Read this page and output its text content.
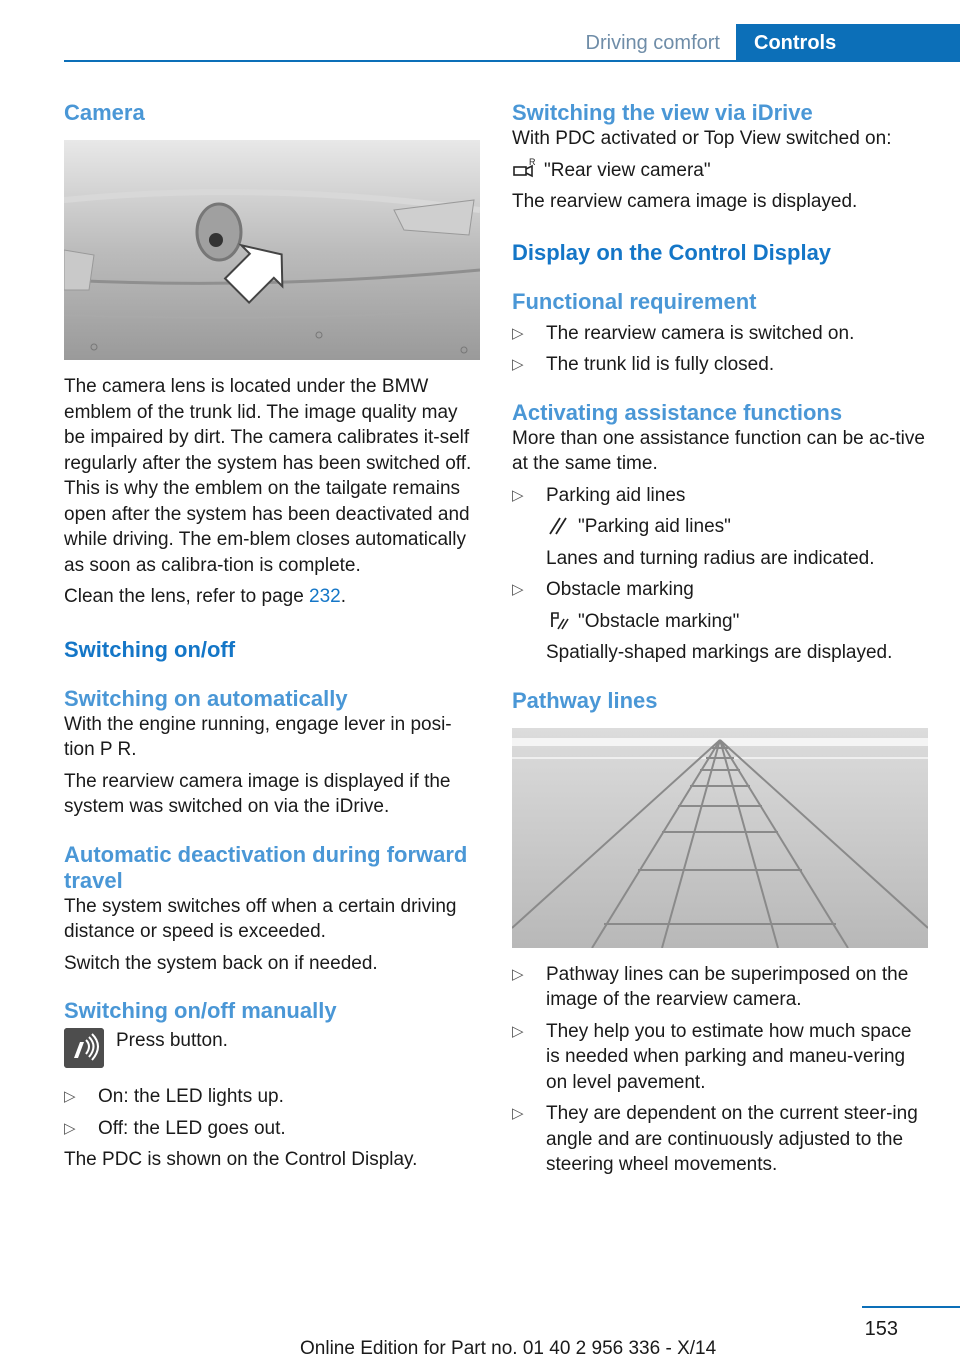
Driving comfort	Controls
Camera

The camera lens is located under the BMW emblem of the trunk lid. The image quality may be impaired by dirt. The camera calibrates it-self regularly after the system has been switched off. This is why the emblem on the tailgate remains open after the system has been deactivated and while driving. The em-blem closes automatically as soon as calibra-tion is complete.

Clean the lens, refer to page 232.

Switching on/off
Switching on automatically

With the engine running, engage lever in posi-tion P R.

The rearview camera image is displayed if the system was switched on via the iDrive.

Automatic deactivation during forward travel

The system switches off when a certain driving distance or speed is exceeded.

Switch the system back on if needed.

Switching on/off manually
Press button.
▷ On: the LED lights up.
▷ Off: the LED goes out.

The PDC is shown on the Control Display.

Switching the view via iDrive

With PDC activated or Top View switched on:

R "Rear view camera"

The rearview camera image is displayed.

Display on the Control Display
Functional requirement
▷ The rearview camera is switched on.
▷ The trunk lid is fully closed.
Activating assistance functions

More than one assistance function can be ac-tive at the same time.

▷ Parking aid lines
"Parking aid lines"
Lanes and turning radius are indicated.
▷ Obstacle marking
"Obstacle marking"
Spatially-shaped markings are displayed.
Pathway lines
▷ Pathway lines can be superimposed on the image of the rearview camera.
▷ They help you to estimate how much space is needed when parking and maneu-vering on level pavement.
▷ They are dependent on the current steer-ing angle and are continuously adjusted to the steering wheel movements.
153
Online Edition for Part no. 01 40 2 956 336 - X/14
